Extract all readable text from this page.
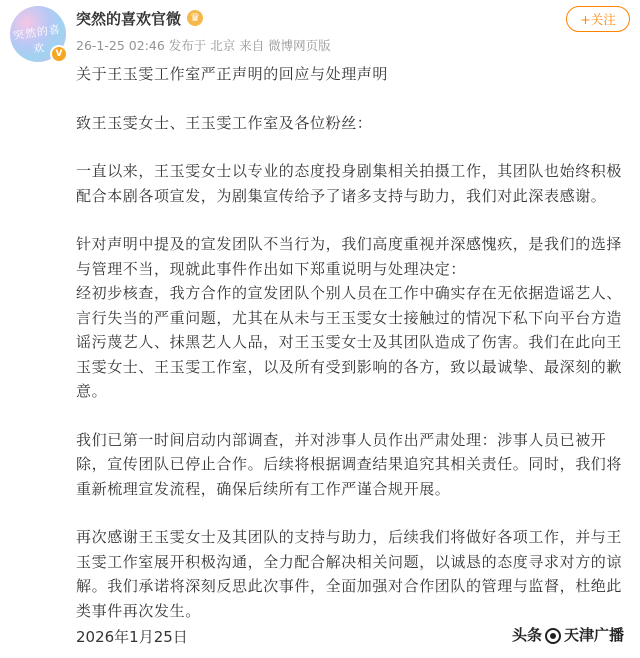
突然的喜欢	V
突然的喜欢官微 ♛
26-1-25 02:46 发布于 北京 来自 微博网页版
+关注

关于王玉雯工作室严正声明的回应与处理声明

致王玉雯女士、王玉雯工作室及各位粉丝：

一直以来，王玉雯女士以专业的态度投身剧集相关拍摄工作，其团队也始终积极配合本剧各项宣发，为剧集宣传给予了诸多支持与助力，我们对此深表感谢。

针对声明中提及的宣发团队不当行为，我们高度重视并深感愧疚，是我们的选择与管理不当，现就此事件作出如下郑重说明与处理决定：

经初步核查，我方合作的宣发团队个别人员在工作中确实存在无依据造谣艺人、言行失当的严重问题，尤其在从未与王玉雯女士接触过的情况下私下向平台方造谣污蔑艺人、抹黑艺人人品，对王玉雯女士及其团队造成了伤害。我们在此向王玉雯女士、王玉雯工作室，以及所有受到影响的各方，致以最诚挚、最深刻的歉意。

我们已第一时间启动内部调查，并对涉事人员作出严肃处理：涉事人员已被开除，宣传团队已停止合作。后续将根据调查结果追究其相关责任。同时，我们将重新梳理宣发流程，确保后续所有工作严谨合规开展。

再次感谢王玉雯女士及其团队的支持与助力，后续我们将做好各项工作，并与王玉雯工作室展开积极沟通，全力配合解决相关问题，以诚恳的态度寻求对方的谅解。我们承诺将深刻反思此次事件，全面加强对合作团队的管理与监督，杜绝此类事件再次发生。

2026年1月25日	头条 天津广播
